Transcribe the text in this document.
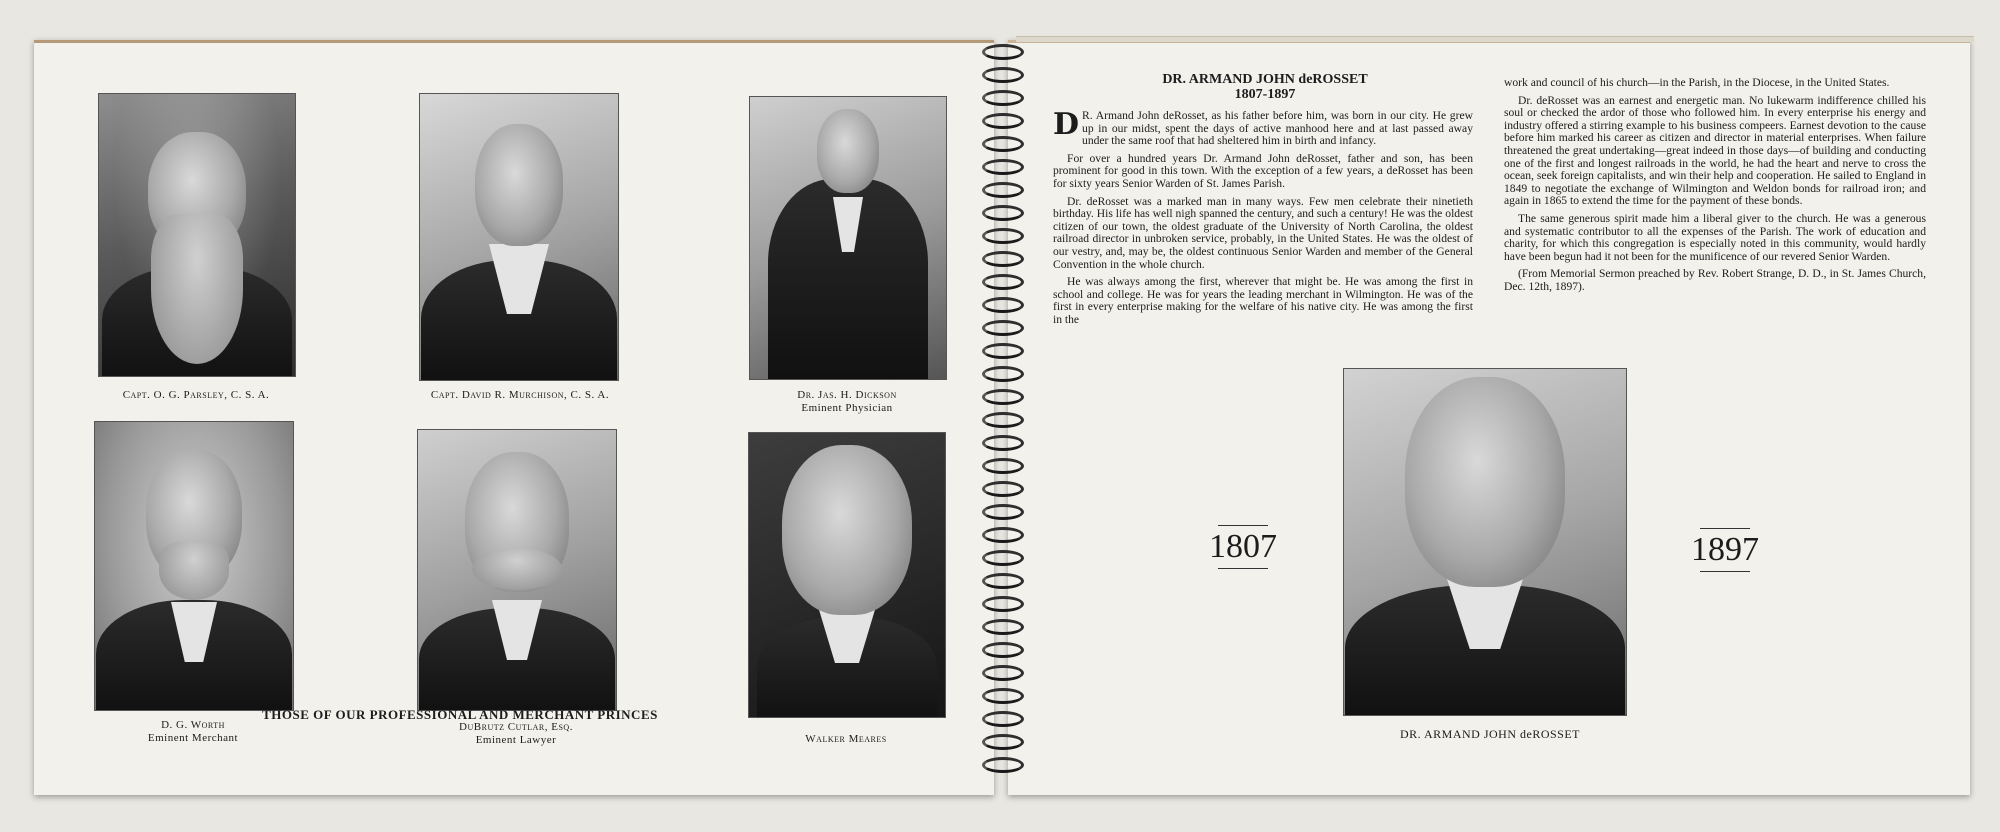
Capt. O. G. Parsley, C. S. A.	Capt. David R. Murchison, C. S. A.	Dr. Jas. H. Dickson
Eminent Physician
D. G. Worth
Eminent Merchant
DuBrutz Cutlar, Esq.
Eminent Lawyer	Walker Meares
THOSE OF OUR PROFESSIONAL AND MERCHANT PRINCES
DR. ARMAND JOHN deROSSET
1807-1897

D R. Armand John deRosset, as his father before him, was born in our city. He grew up in our midst, spent the days of active manhood here and at last passed away under the same roof that had sheltered him in birth and infancy.

For over a hundred years Dr. Armand John deRosset, father and son, has been prominent for good in this town. With the exception of a few years, a deRosset has been for sixty years Senior Warden of St. James Parish.

Dr. deRosset was a marked man in many ways. Few men celebrate their ninetieth birthday. His life has well nigh spanned the century, and such a century! He was the oldest citizen of our town, the oldest graduate of the University of North Carolina, the oldest railroad director in unbroken service, probably, in the United States. He was the oldest of our vestry, and, may be, the oldest continuous Senior Warden and member of the General Convention in the whole church.

He was always among the first, wherever that might be. He was among the first in school and college. He was for years the leading merchant in Wilmington. He was of the first in every enterprise making for the welfare of his native city. He was among the first in the

work and council of his church—in the Parish, in the Diocese, in the United States.

Dr. deRosset was an earnest and energetic man. No lukewarm indifference chilled his soul or checked the ardor of those who followed him. In every enterprise his energy and industry offered a stirring example to his business compeers. Earnest devotion to the cause before him marked his career as citizen and director in material enterprises. When failure threatened the great undertaking—great indeed in those days—of building and conducting one of the first and longest railroads in the world, he had the heart and nerve to cross the ocean, seek foreign capitalists, and win their help and cooperation. He sailed to England in 1849 to negotiate the exchange of Wilmington and Weldon bonds for railroad iron; and again in 1865 to extend the time for the payment of these bonds.

The same generous spirit made him a liberal giver to the church. He was a generous and systematic contributor to all the expenses of the Parish. The work of education and charity, for which this congregation is especially noted in this community, would hardly have been begun had it not been for the munificence of our revered Senior Warden.

(From Memorial Sermon preached by Rev. Robert Strange, D. D., in St. James Church, Dec. 12th, 1897).

1807	1897
DR. ARMAND JOHN deROSSET
